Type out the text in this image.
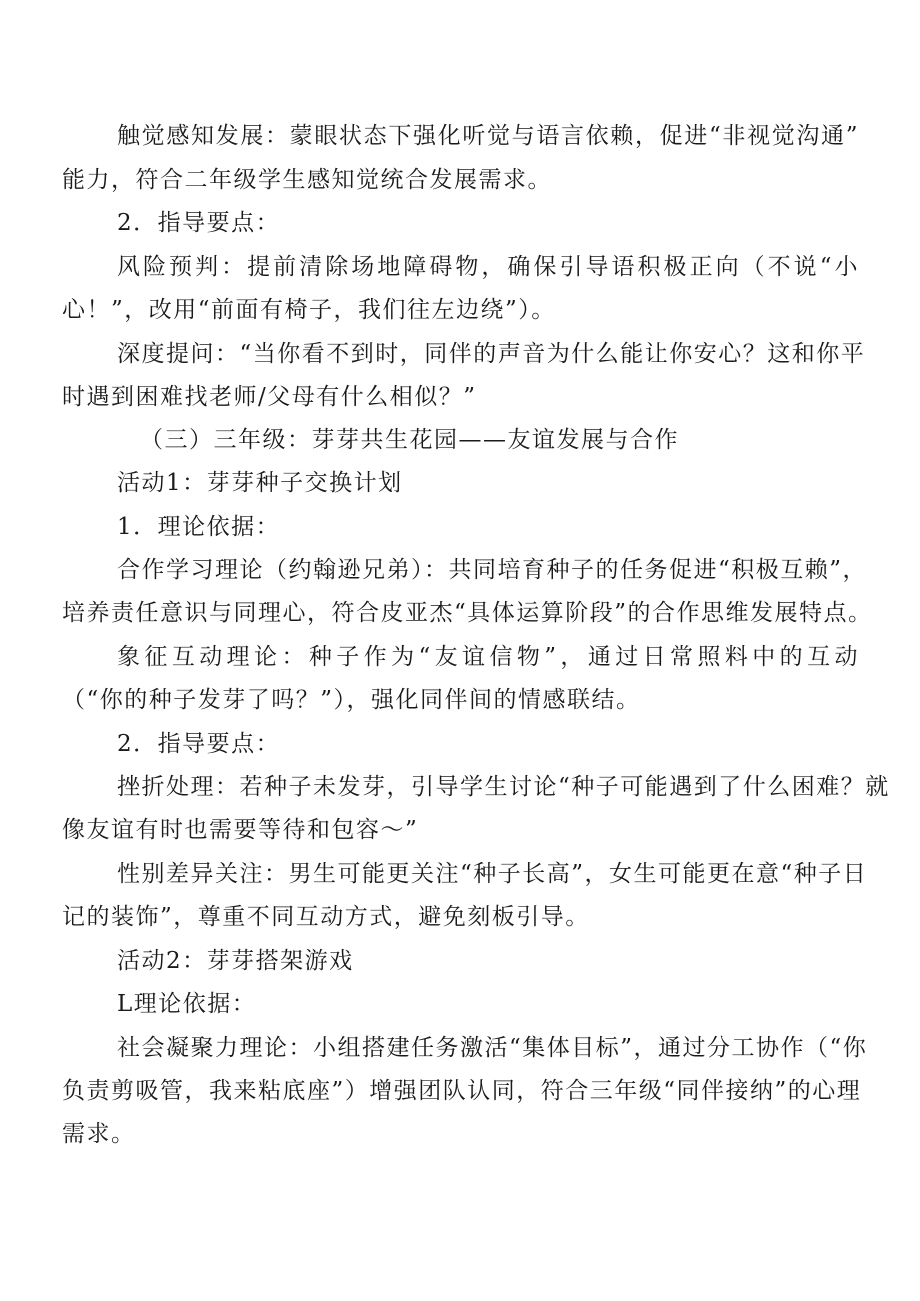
触觉感知发展：蒙眼状态下强化听觉与语言依赖，促进“非视觉沟通”
能力，符合二年级学生感知觉统合发展需求。
2．指导要点：
风险预判：提前清除场地障碍物，确保引导语积极正向（不说“小
心！”，改用“前面有椅子，我们往左边绕”）。
深度提问：“当你看不到时，同伴的声音为什么能让你安心？这和你平
时遇到困难找老师/父母有什么相似？”
（三）三年级：芽芽共生花园——友谊发展与合作
活动1：芽芽种子交换计划
1．理论依据：
合作学习理论（约翰逊兄弟）：共同培育种子的任务促进“积极互赖”，
培养责任意识与同理心，符合皮亚杰“具体运算阶段”的合作思维发展特点。
象征互动理论：种子作为“友谊信物”，通过日常照料中的互动
（“你的种子发芽了吗？”），强化同伴间的情感联结。
2．指导要点：
挫折处理：若种子未发芽，引导学生讨论“种子可能遇到了什么困难？就
像友谊有时也需要等待和包容～”
性别差异关注：男生可能更关注“种子长高”，女生可能更在意“种子日
记的装饰”，尊重不同互动方式，避免刻板引导。
活动2：芽芽搭架游戏
L理论依据：
社会凝聚力理论：小组搭建任务激活“集体目标”，通过分工协作（“你
负责剪吸管，我来粘底座”）增强团队认同，符合三年级“同伴接纳”的心理
需求。
